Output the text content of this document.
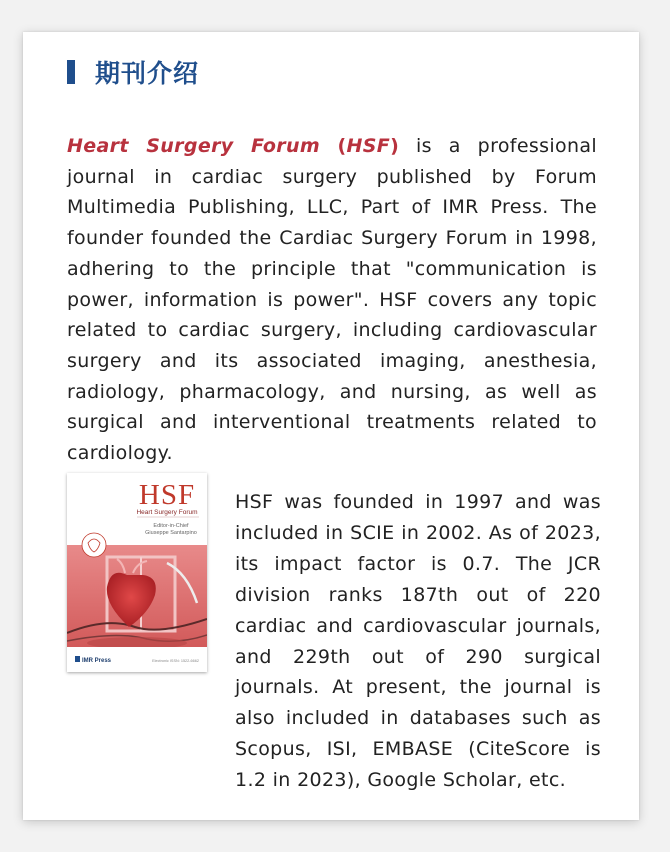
期刊介绍

Heart Surgery Forum (HSF) is a professional journal in cardiac surgery published by Forum Multimedia Publishing, LLC, Part of IMR Press. The founder founded the Cardiac Surgery Forum in 1998, adhering to the principle that "communication is power, information is power". HSF covers any topic related to cardiac surgery, including cardiovascular surgery and its associated imaging, anesthesia, radiology, pharmacology, and nursing, as well as surgical and interventional treatments related to cardiology.

HSF
Heart Surgery Forum
Editor-in-Chief
Giuseppe Santarpino
IMR Press	Electronic ISSN: 1522-6662

HSF was founded in 1997 and was included in SCIE in 2002. As of 2023, its impact factor is 0.7. The JCR division ranks 187th out of 220 cardiac and cardiovascular journals, and 229th out of 290 surgical journals. At present, the journal is also included in databases such as Scopus, ISI, EMBASE (CiteScore is 1.2 in 2023), Google Scholar, etc.
